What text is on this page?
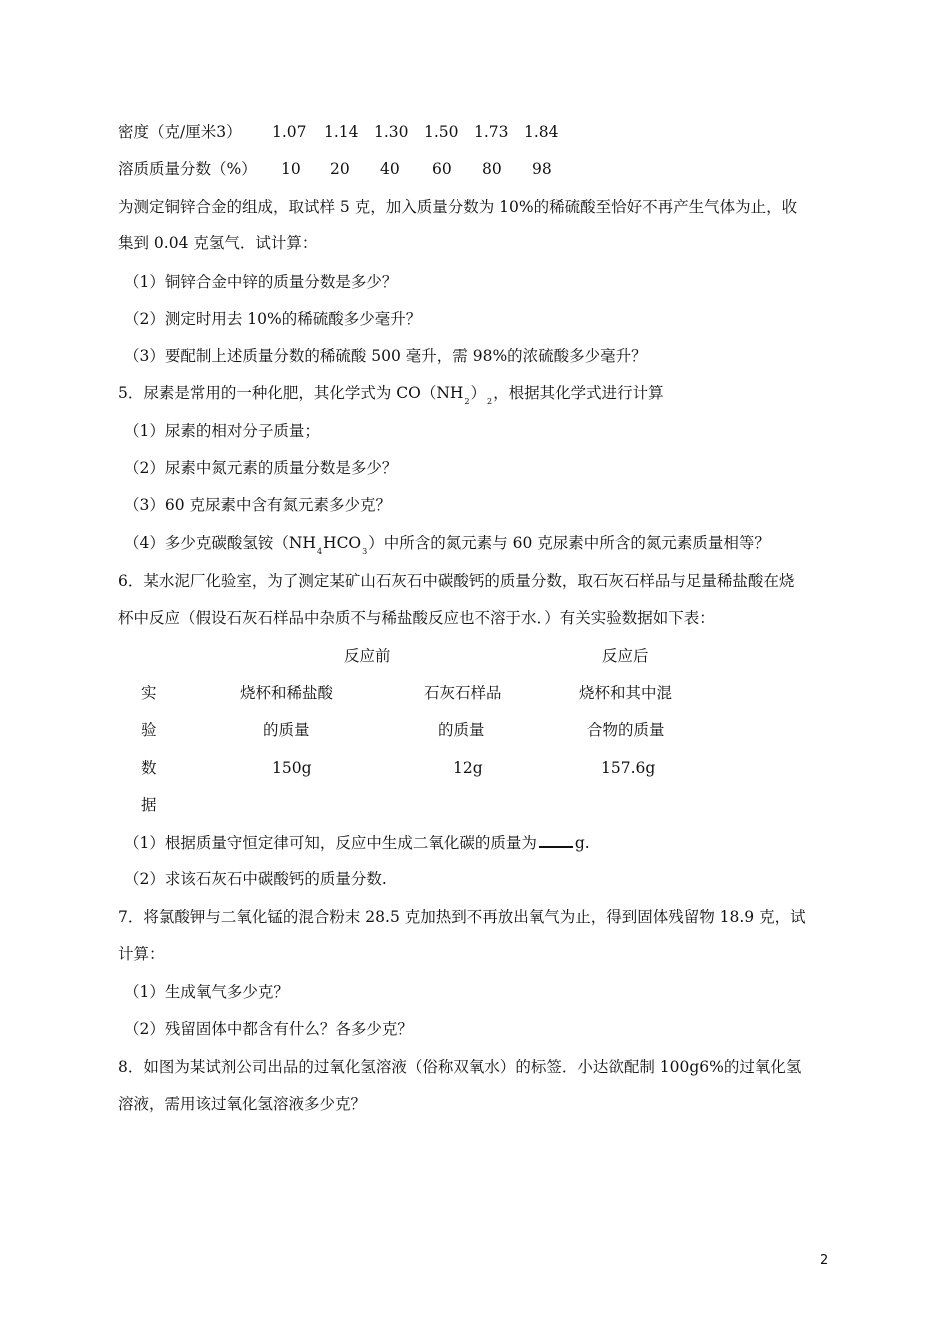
密度（克/厘米3） 1.07 1.14 1.30 1.50 1.73 1.84
溶质质量分数（%） 10 20 40 60 80 98
为测定铜锌合金的组成，取试样 5 克，加入质量分数为 10%的稀硫酸至恰好不再产生气体为止，收
集到 0.04 克氢气．试计算：
（1）铜锌合金中锌的质量分数是多少？
（2）测定时用去 10%的稀硫酸多少毫升？
（3）要配制上述质量分数的稀硫酸 500 毫升，需 98%的浓硫酸多少毫升？
5．尿素是常用的一种化肥，其化学式为 $CO(NH_2)_2$，根据其化学式进行计算
（1）尿素的相对分子质量；
（2）尿素中氮元素的质量分数是多少？
（3）60 克尿素中含有氮元素多少克？
（4）多少克碳酸氢铵$(NH_4HCO_3)$中所含的氮元素与 60 克尿素中所含的氮元素质量相等？
6．某水泥厂化验室，为了测定某矿山石灰石中碳酸钙的质量分数，取石灰石样品与足量稀盐酸在烧
杯中反应（假设石灰石样品中杂质不与稀盐酸反应也不溶于水．）有关实验数据如下表：
反应前	反应后
实
验
数
据
烧杯和稀盐酸
的质量
150g
石灰石样品
的质量
12g
烧杯和其中混
合物的质量
157.6g
（1）根据质量守恒定律可知，反应中生成二氧化碳的质量为 g.
（2）求该石灰石中碳酸钙的质量分数.
7．将氯酸钾与二氧化锰的混合粉末 28.5 克加热到不再放出氧气为止，得到固体残留物 18.9 克，试
计算：
（1）生成氧气多少克？
（2）残留固体中都含有什么？各多少克？
8．如图为某试剂公司出品的过氧化氢溶液（俗称双氧水）的标签．小达欲配制 100g6%的过氧化氢
溶液，需用该过氧化氢溶液多少克？
2
